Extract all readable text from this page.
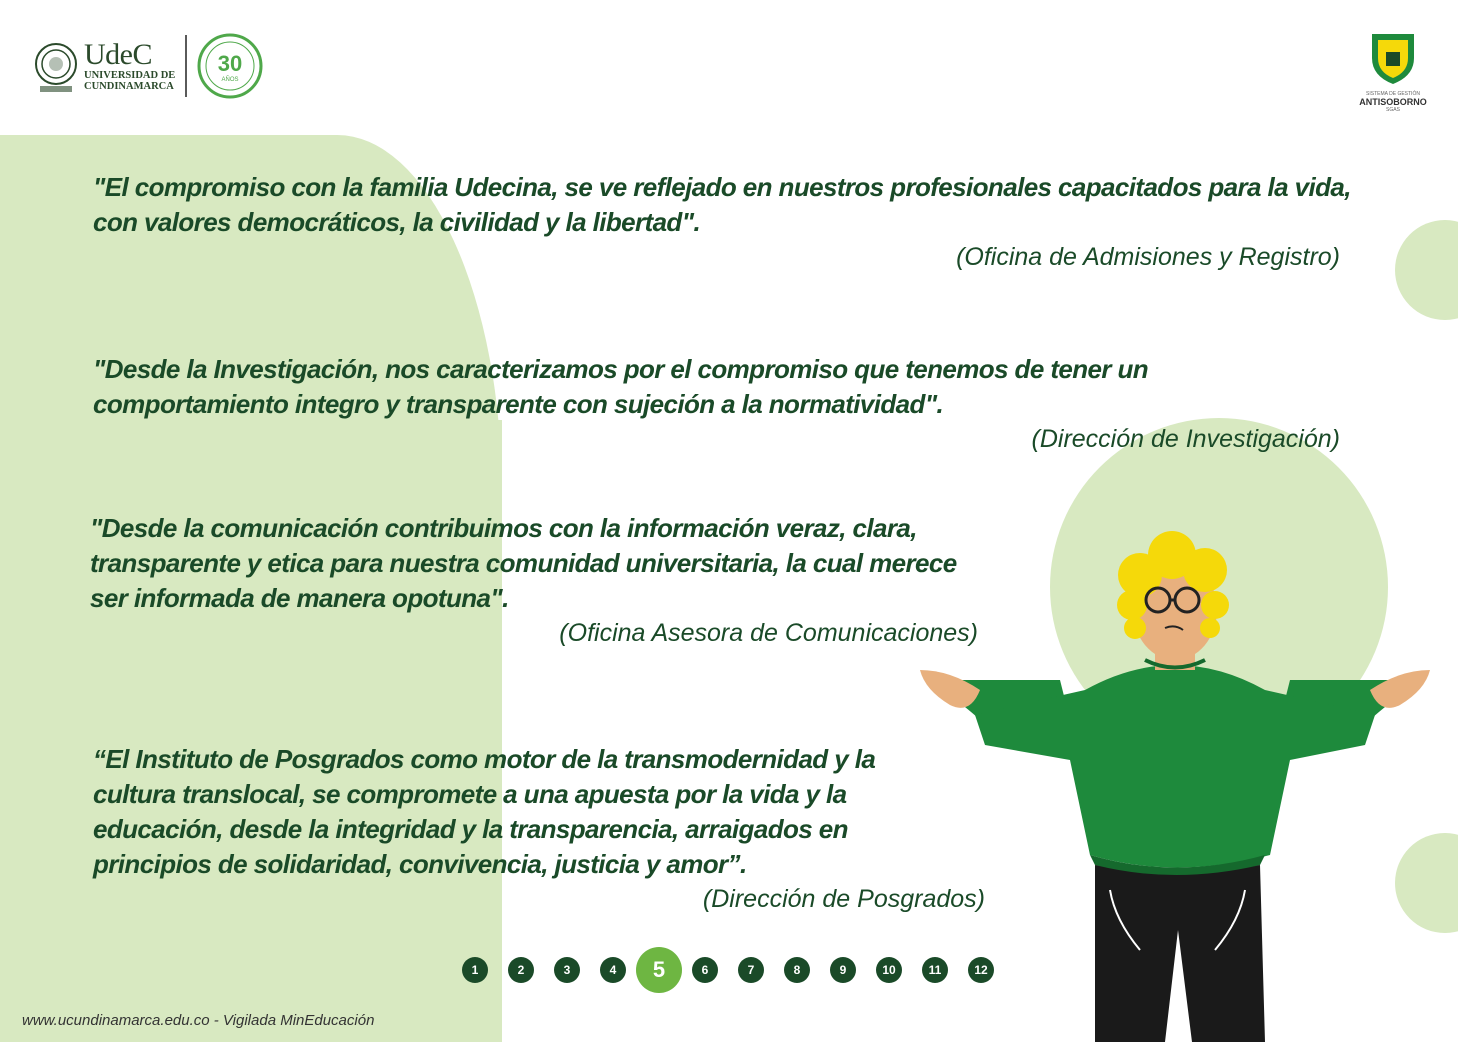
UdeC
UNIVERSIDAD DE
CUNDINAMARCA
30
AÑOS
SISTEMA DE GESTIÓN
ANTISOBORNO
SGAS

"El compromiso con la familia Udecina, se ve reflejado en nuestros profesionales capacitados para la vida, con valores democráticos, la civilidad y la libertad".

(Oficina de Admisiones y Registro)

"Desde la Investigación, nos caracterizamos por el compromiso que tenemos de tener un comportamiento integro y transparente con sujeción a la normatividad".

(Dirección de Investigación)

"Desde la comunicación contribuimos con la información veraz, clara, transparente y etica para nuestra comunidad universitaria, la cual merece ser informada de manera opotuna".

(Oficina Asesora de Comunicaciones)

“El Instituto de Posgrados como motor de la transmodernidad y la cultura translocal, se compromete a una apuesta por la vida y la educación, desde la integridad y la transparencia, arraigados en principios de solidaridad, convivencia, justicia y amor”.

(Dirección de Posgrados)

1	2	3	4	5	6	7	8	9	10	11	12
www.ucundinamarca.edu.co - Vigilada MinEducación
